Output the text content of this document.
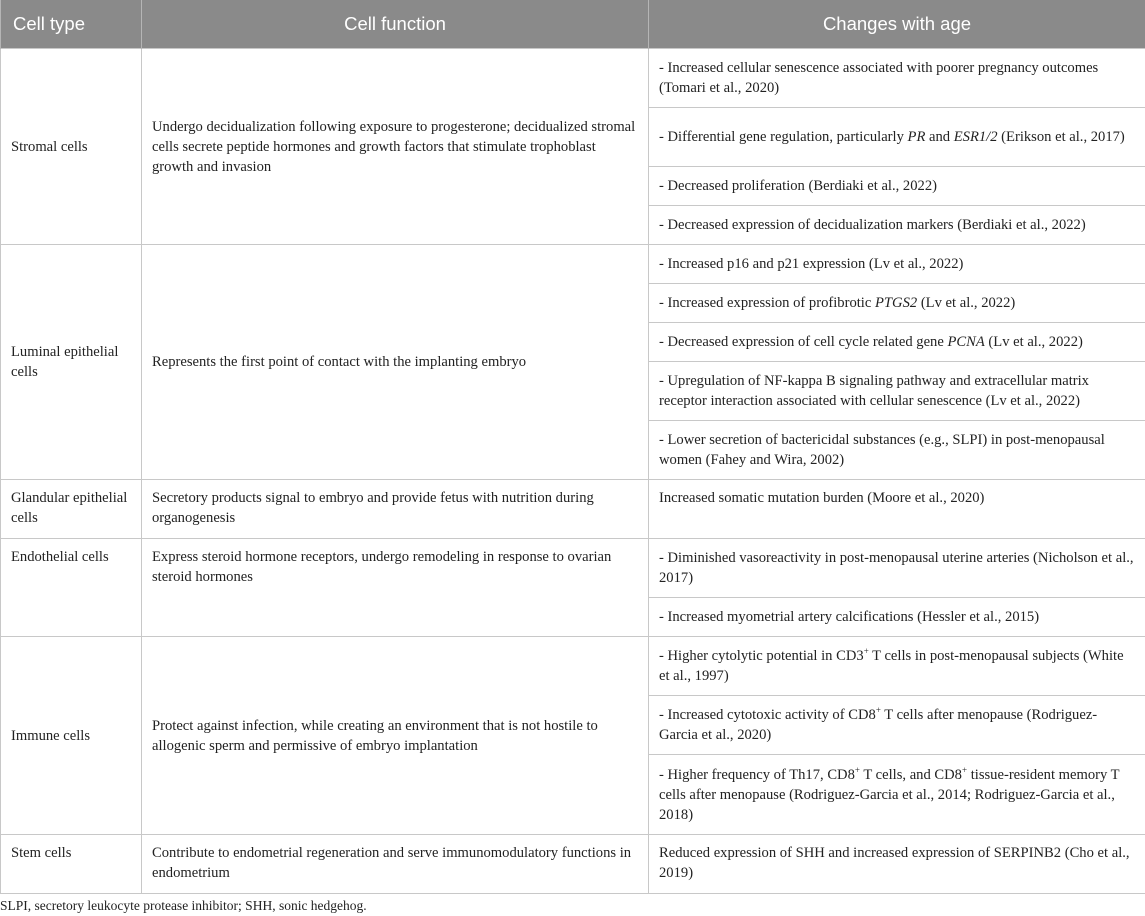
Cell type	Cell function	Changes with age
Stromal cells	Undergo decidualization following exposure to progesterone; decidualized stromal cells secrete peptide hormones and growth factors that stimulate trophoblast growth and invasion	- Increased cellular senescence associated with poorer pregnancy outcomes (Tomari et al., 2020)
		- Differential gene regulation, particularly PR and ESR1/2 (Erikson et al., 2017)
		- Decreased proliferation (Berdiaki et al., 2022)
		- Decreased expression of decidualization markers (Berdiaki et al., 2022)
Luminal epithelial cells	Represents the first point of contact with the implanting embryo	- Increased p16 and p21 expression (Lv et al., 2022)
		- Increased expression of profibrotic PTGS2 (Lv et al., 2022)
		- Decreased expression of cell cycle related gene PCNA (Lv et al., 2022)
		- Upregulation of NF-kappa B signaling pathway and extracellular matrix receptor interaction associated with cellular senescence (Lv et al., 2022)
		- Lower secretion of bactericidal substances (e.g., SLPI) in post-menopausal women (Fahey and Wira, 2002)
Glandular epithelial cells	Secretory products signal to embryo and provide fetus with nutrition during organogenesis	Increased somatic mutation burden (Moore et al., 2020)
Endothelial cells	Express steroid hormone receptors, undergo remodeling in response to ovarian steroid hormones	- Diminished vasoreactivity in post-menopausal uterine arteries (Nicholson et al., 2017)
		- Increased myometrial artery calcifications (Hessler et al., 2015)
Immune cells	Protect against infection, while creating an environment that is not hostile to allogenic sperm and permissive of embryo implantation	- Higher cytolytic potential in CD3+ T cells in post-menopausal subjects (White et al., 1997)
		- Increased cytotoxic activity of CD8+ T cells after menopause (Rodriguez-Garcia et al., 2020)
		- Higher frequency of Th17, CD8+ T cells, and CD8+ tissue-resident memory T cells after menopause (Rodriguez-Garcia et al., 2014; Rodriguez-Garcia et al., 2018)
Stem cells	Contribute to endometrial regeneration and serve immunomodulatory functions in endometrium	Reduced expression of SHH and increased expression of SERPINB2 (Cho et al., 2019)
SLPI, secretory leukocyte protease inhibitor; SHH, sonic hedgehog.
